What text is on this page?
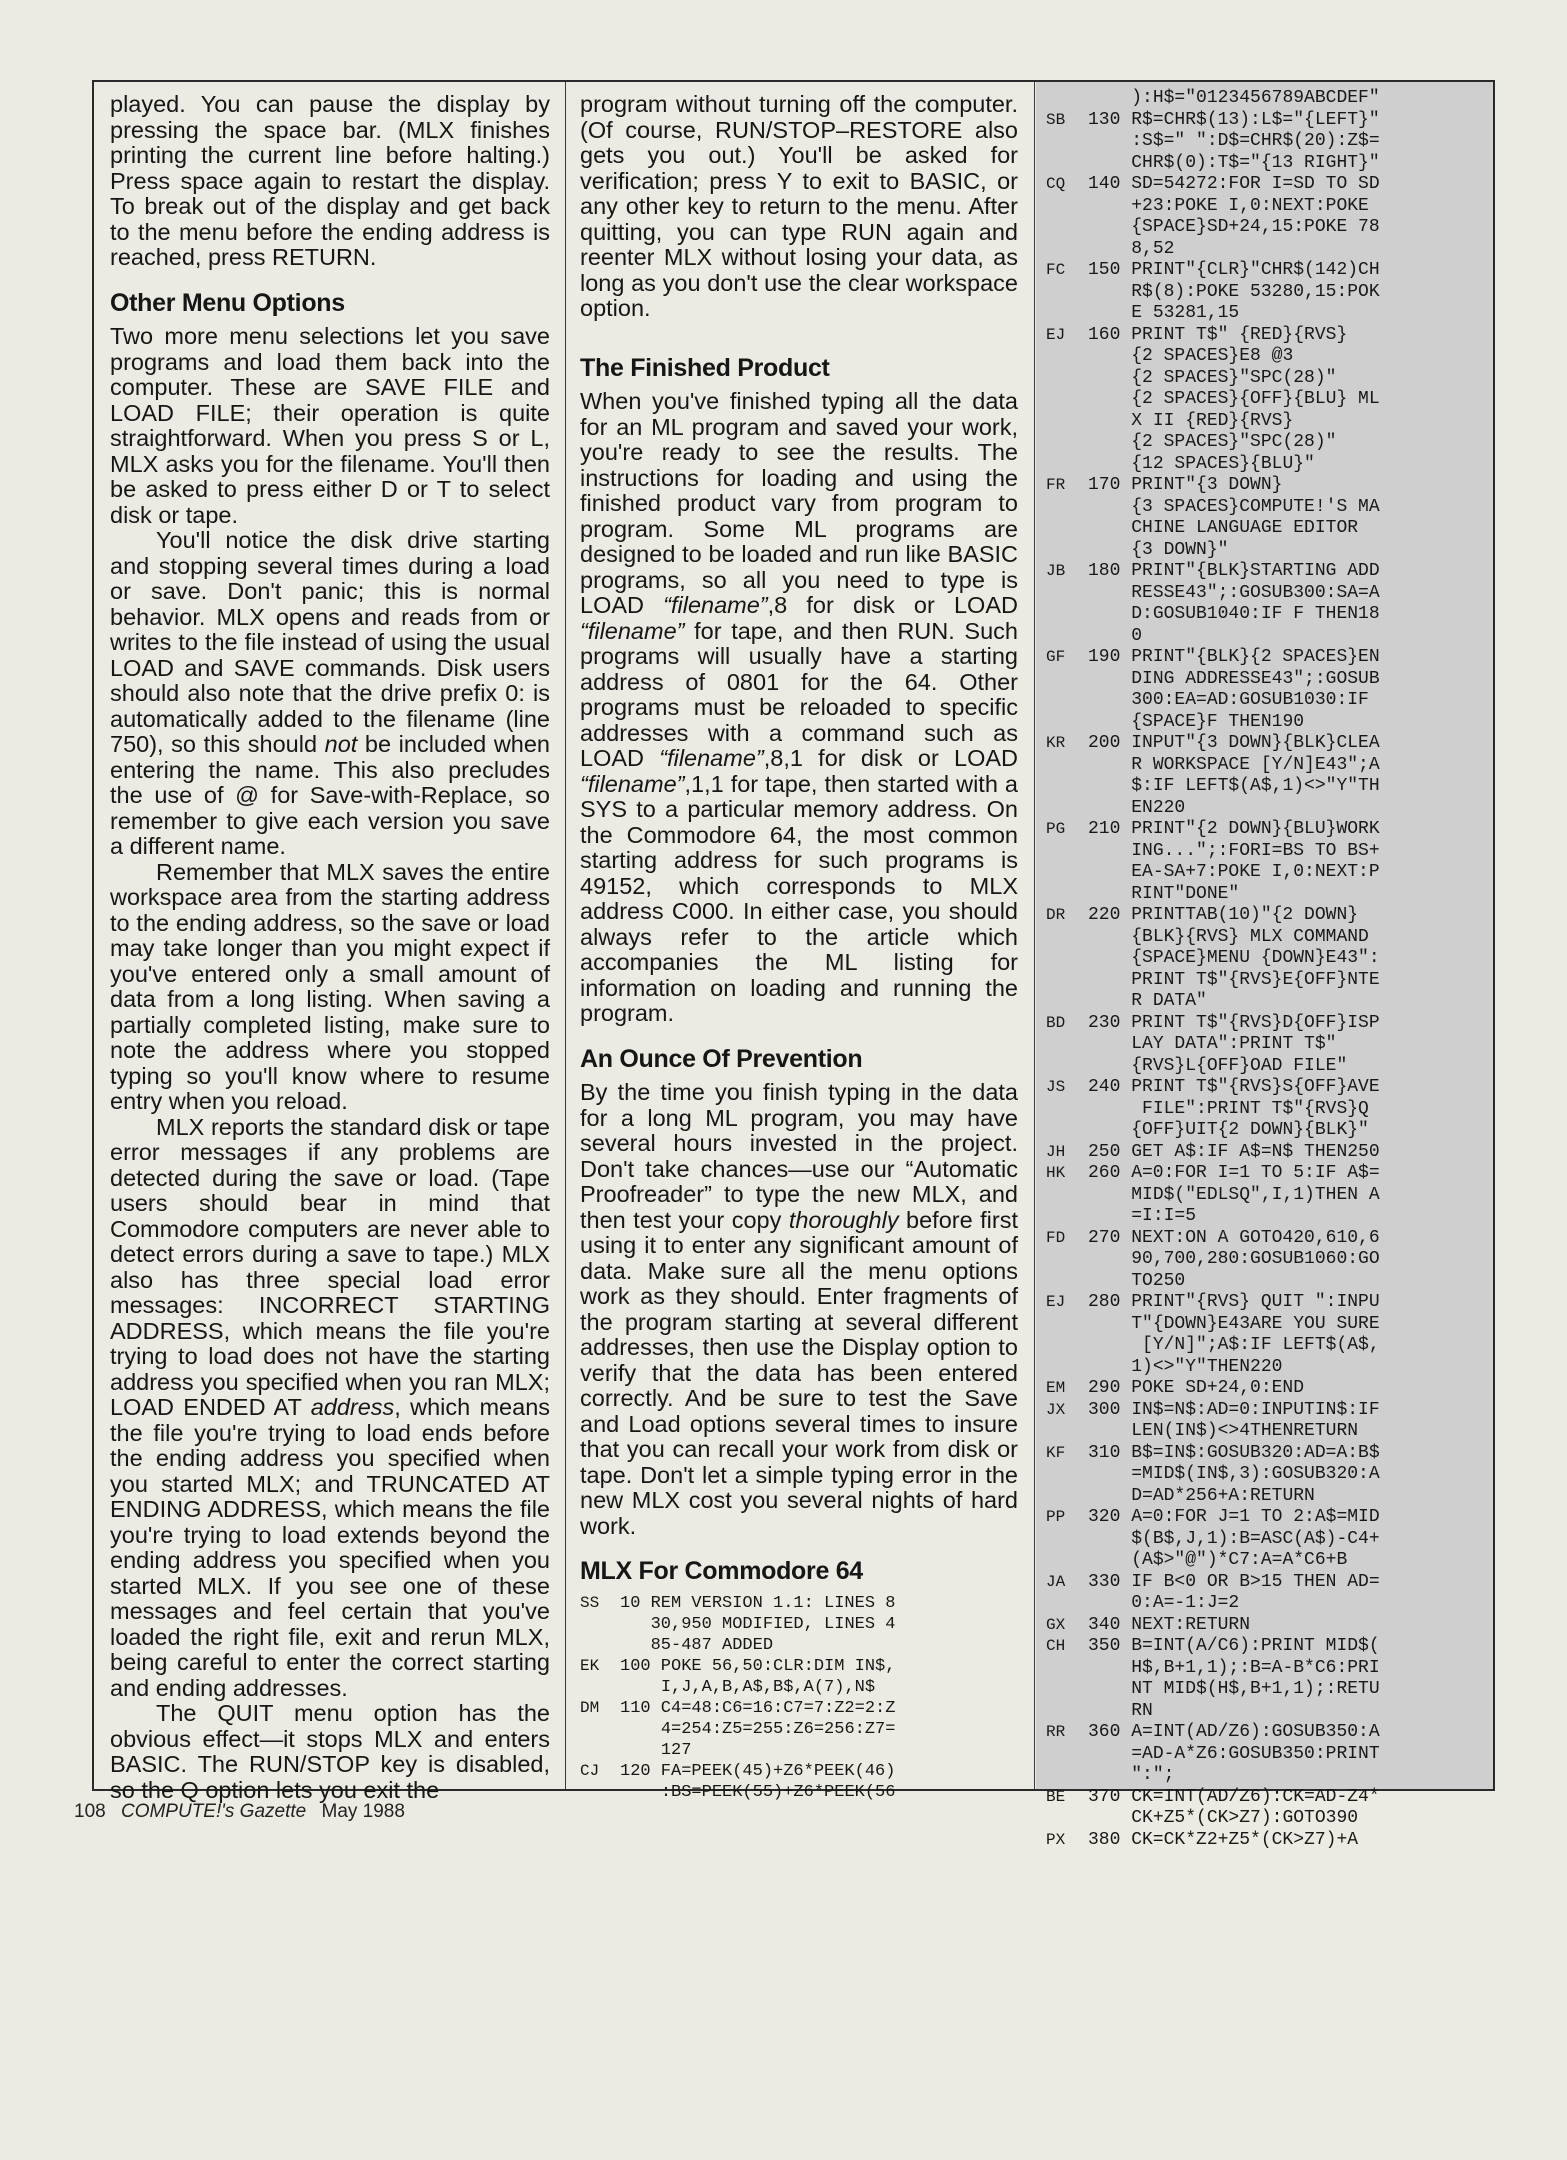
played. You can pause the display by pressing the space bar. (MLX finishes printing the current line before halting.) Press space again to restart the display. To break out of the display and get back to the menu before the ending address is reached, press RETURN.

Other Menu Options

Two more menu selections let you save programs and load them back into the computer. These are SAVE FILE and LOAD FILE; their operation is quite straightforward. When you press S or L, MLX asks you for the filename. You'll then be asked to press either D or T to select disk or tape.

You'll notice the disk drive starting and stopping several times during a load or save. Don't panic; this is normal behavior. MLX opens and reads from or writes to the file instead of using the usual LOAD and SAVE commands. Disk users should also note that the drive prefix 0: is automatically added to the filename (line 750), so this should not be included when entering the name. This also precludes the use of @ for Save-with-Replace, so remember to give each version you save a different name.

Remember that MLX saves the entire workspace area from the starting address to the ending address, so the save or load may take longer than you might expect if you've entered only a small amount of data from a long listing. When saving a partially completed listing, make sure to note the address where you stopped typing so you'll know where to resume entry when you reload.

MLX reports the standard disk or tape error messages if any problems are detected during the save or load. (Tape users should bear in mind that Commodore computers are never able to detect errors during a save to tape.) MLX also has three special load error messages: INCORRECT STARTING ADDRESS, which means the file you're trying to load does not have the starting address you specified when you ran MLX; LOAD ENDED AT address, which means the file you're trying to load ends before the ending address you specified when you started MLX; and TRUNCATED AT ENDING ADDRESS, which means the file you're trying to load extends beyond the ending address you specified when you started MLX. If you see one of these messages and feel certain that you've loaded the right file, exit and rerun MLX, being careful to enter the correct starting and ending addresses.

The QUIT menu option has the obvious effect—it stops MLX and enters BASIC. The RUN/STOP key is disabled, so the Q option lets you exit the

program without turning off the computer. (Of course, RUN/STOP–RESTORE also gets you out.) You'll be asked for verification; press Y to exit to BASIC, or any other key to return to the menu. After quitting, you can type RUN again and reenter MLX without losing your data, as long as you don't use the clear workspace option.

The Finished Product

When you've finished typing all the data for an ML program and saved your work, you're ready to see the results. The instructions for loading and using the finished product vary from program to program. Some ML programs are designed to be loaded and run like BASIC programs, so all you need to type is LOAD “filename”,8 for disk or LOAD “filename” for tape, and then RUN. Such programs will usually have a starting address of 0801 for the 64. Other programs must be reloaded to specific addresses with a command such as LOAD “filename”,8,1 for disk or LOAD “filename”,1,1 for tape, then started with a SYS to a particular memory address. On the Commodore 64, the most common starting address for such programs is 49152, which corresponds to MLX address C000. In either case, you should always refer to the article which accompanies the ML listing for information on loading and running the program.

An Ounce Of Prevention

By the time you finish typing in the data for a long ML program, you may have several hours invested in the project. Don't take chances—use our “Automatic Proofreader” to type the new MLX, and then test your copy thoroughly before first using it to enter any significant amount of data. Make sure all the menu options work as they should. Enter fragments of the program starting at several different addresses, then use the Display option to verify that the data has been entered correctly. And be sure to test the Save and Load options several times to insure that you can recall your work from disk or tape. Don't let a simple typing error in the new MLX cost you several nights of hard work.

MLX For Commodore 64
SS	10 REM VERSION 1.1: LINES 8
30,950 MODIFIED, LINES 4
85-487 ADDED
EK	100 POKE 56,50:CLR:DIM IN$,
I,J,A,B,A$,B$,A(7),N$
DM	110 C4=48:C6=16:C7=7:Z2=2:Z
4=254:Z5=255:Z6=256:Z7=
127
CJ	120 FA=PEEK(45)+Z6*PEEK(46)
:BS=PEEK(55)+Z6*PEEK(56
):H$="0123456789ABCDEF"
SB	130 R$=CHR$(13):L$="{LEFT}"
:S$=" ":D$=CHR$(20):Z$=
CHR$(0):T$="{13 RIGHT}"
CQ	140 SD=54272:FOR I=SD TO SD
+23:POKE I,0:NEXT:POKE
{SPACE}SD+24,15:POKE 78
8,52
FC	150 PRINT"{CLR}"CHR$(142)CH
R$(8):POKE 53280,15:POK
E 53281,15
EJ	160 PRINT T$" {RED}{RVS}
{2 SPACES}E8 @3
{2 SPACES}"SPC(28)"
{2 SPACES}{OFF}{BLU} ML
X II {RED}{RVS}
{2 SPACES}"SPC(28)"
{12 SPACES}{BLU}"
FR	170 PRINT"{3 DOWN}
{3 SPACES}COMPUTE!'S MA
CHINE LANGUAGE EDITOR
{3 DOWN}"
JB	180 PRINT"{BLK}STARTING ADD
RESSE43";:GOSUB300:SA=A
D:GOSUB1040:IF F THEN18
0
GF	190 PRINT"{BLK}{2 SPACES}EN
DING ADDRESSE43";:GOSUB
300:EA=AD:GOSUB1030:IF
{SPACE}F THEN190
KR	200 INPUT"{3 DOWN}{BLK}CLEA
R WORKSPACE [Y/N]E43";A
$:IF LEFT$(A$,1)<>"Y"TH
EN220
PG	210 PRINT"{2 DOWN}{BLU}WORK
ING...";:FORI=BS TO BS+
EA-SA+7:POKE I,0:NEXT:P
RINT"DONE"
DR	220 PRINTTAB(10)"{2 DOWN}
{BLK}{RVS} MLX COMMAND
{SPACE}MENU {DOWN}E43":
PRINT T$"{RVS}E{OFF}NTE
R DATA"
BD	230 PRINT T$"{RVS}D{OFF}ISP
LAY DATA":PRINT T$"
{RVS}L{OFF}OAD FILE"
JS	240 PRINT T$"{RVS}S{OFF}AVE
FILE":PRINT T$"{RVS}Q
{OFF}UIT{2 DOWN}{BLK}"
JH	250 GET A$:IF A$=N$ THEN250
HK	260 A=0:FOR I=1 TO 5:IF A$=
MID$("EDLSQ",I,1)THEN A
=I:I=5
FD	270 NEXT:ON A GOTO420,610,6
90,700,280:GOSUB1060:GO
TO250
EJ	280 PRINT"{RVS} QUIT ":INPU
T"{DOWN}E43ARE YOU SURE
[Y/N]";A$:IF LEFT$(A$,
1)<>"Y"THEN220
EM	290 POKE SD+24,0:END
JX	300 IN$=N$:AD=0:INPUTIN$:IF
LEN(IN$)<>4THENRETURN
KF	310 B$=IN$:GOSUB320:AD=A:B$
=MID$(IN$,3):GOSUB320:A
D=AD*256+A:RETURN
PP	320 A=0:FOR J=1 TO 2:A$=MID
$(B$,J,1):B=ASC(A$)-C4+
(A$>"@")*C7:A=A*C6+B
JA	330 IF B<0 OR B>15 THEN AD=
0:A=-1:J=2
GX	340 NEXT:RETURN
CH	350 B=INT(A/C6):PRINT MID$(
H$,B+1,1);:B=A-B*C6:PRI
NT MID$(H$,B+1,1);:RETU
RN
RR	360 A=INT(AD/Z6):GOSUB350:A
=AD-A*Z6:GOSUB350:PRINT
":";
BE	370 CK=INT(AD/Z6):CK=AD-Z4*
CK+Z5*(CK>Z7):GOTO390
PX	380 CK=CK*Z2+Z5*(CK>Z7)+A
108 COMPUTE!'s Gazette May 1988
